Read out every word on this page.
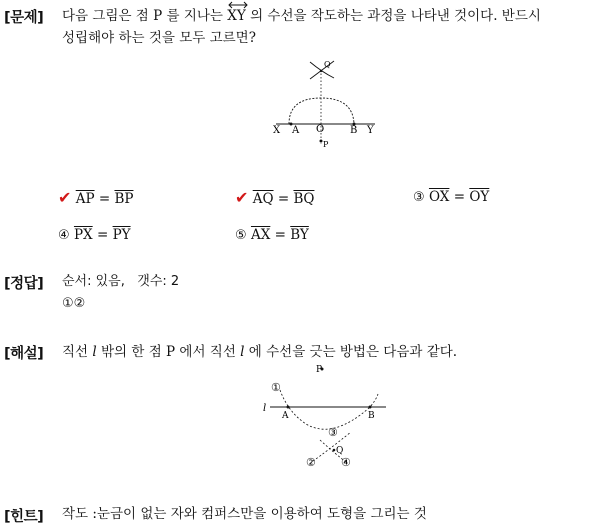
[문제] 다음 그림은 점 P 를 지나는
XY 의 수선을 작도하는 과정을 나타낸 것이다. 반드시
성립해야 하는 것을 모두 고르면?
X A O	B Y
P
Q
✔ $\overline{AP} = \overline{BP}$	✔ $\overline{AQ} = \overline{BQ}$	③ $\overline{OX} = \overline{OY}$
④ $\overline{PX} = \overline{PY}$	⑤ $\overline{AX} = \overline{BY}$
[정답] 순서: 있음,   갯수: 2
①②
[해설] 직선 l 밖의 한 점 P 에서 직선 l 에 수선을 긋는 방법은 다음과 같다.
P
l
A	B
Q
①
②
③
④
[힌트] 작도 :눈금이 없는 자와 컴퍼스만을 이용하여 도형을 그리는 것
